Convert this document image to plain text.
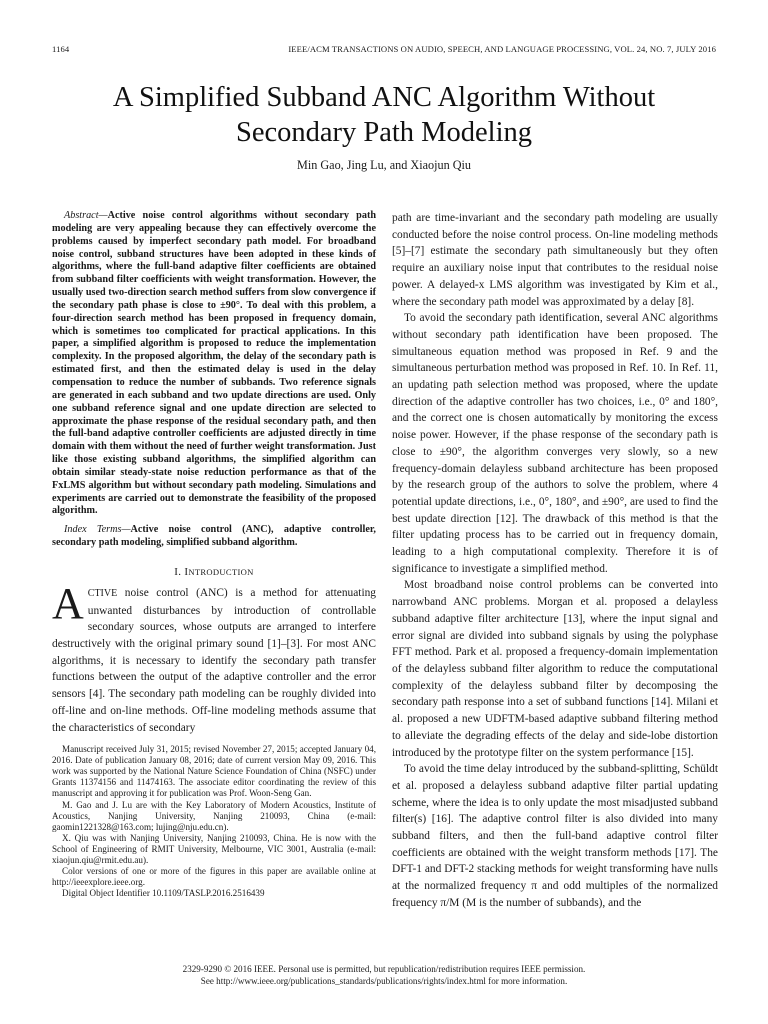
1164	IEEE/ACM TRANSACTIONS ON AUDIO, SPEECH, AND LANGUAGE PROCESSING, VOL. 24, NO. 7, JULY 2016
A Simplified Subband ANC Algorithm Without
Secondary Path Modeling
Min Gao, Jing Lu, and Xiaojun Qiu

Abstract—Active noise control algorithms without secondary path modeling are very appealing because they can effectively overcome the problems caused by imperfect secondary path model. For broadband noise control, subband structures have been adopted in these kinds of algorithms, where the full-band adaptive filter coefficients are obtained from subband filter coefficients with weight transformation. However, the usually used two-direction search method suffers from slow convergence if the secondary path phase is close to ±90°. To deal with this problem, a four-direction search method has been proposed in frequency domain, which is sometimes too complicated for practical applications. In this paper, a simplified algorithm is proposed to reduce the implementation complexity. In the proposed algorithm, the delay of the secondary path is estimated first, and then the estimated delay is used in the delay compensation to reduce the number of subbands. Two reference signals are generated in each subband and two update directions are used. Only one subband reference signal and one update direction are selected to approximate the phase response of the residual secondary path, and then the full-band adaptive controller coefficients are adjusted directly in time domain with them without the need of further weight transformation. Just like those existing subband algorithms, the simplified algorithm can obtain similar steady-state noise reduction performance as that of the FxLMS algorithm but without secondary path modeling. Simulations and experiments are carried out to demonstrate the feasibility of the proposed algorithm.

Index Terms—Active noise control (ANC), adaptive controller, secondary path modeling, simplified subband algorithm.

I. INTRODUCTION

ACTIVE noise control (ANC) is a method for attenuating unwanted disturbances by introduction of controllable secondary sources, whose outputs are arranged to interfere destructively with the original primary sound [1]–[3]. For most ANC algorithms, it is necessary to identify the secondary path transfer functions between the output of the adaptive controller and the error sensors [4]. The secondary path modeling can be roughly divided into off-line and on-line methods. Off-line modeling methods assume that the characteristics of secondary

Manuscript received July 31, 2015; revised November 27, 2015; accepted January 04, 2016. Date of publication January 08, 2016; date of current version May 09, 2016. This work was supported by the National Nature Science Foundation of China (NSFC) under Grants 11374156 and 11474163. The associate editor coordinating the review of this manuscript and approving it for publication was Prof. Woon-Seng Gan.

M. Gao and J. Lu are with the Key Laboratory of Modern Acoustics, Institute of Acoustics, Nanjing University, Nanjing 210093, China (e-mail: gaomin1221328@163.com; lujing@nju.edu.cn).

X. Qiu was with Nanjing University, Nanjing 210093, China. He is now with the School of Engineering of RMIT University, Melbourne, VIC 3001, Australia (e-mail: xiaojun.qiu@rmit.edu.au).

Color versions of one or more of the figures in this paper are available online at http://ieeexplore.ieee.org.

Digital Object Identifier 10.1109/TASLP.2016.2516439

path are time-invariant and the secondary path modeling are usually conducted before the noise control process. On-line modeling methods [5]–[7] estimate the secondary path simultaneously but they often require an auxiliary noise input that contributes to the residual noise power. A delayed-x LMS algorithm was investigated by Kim et al., where the secondary path model was approximated by a delay [8].

To avoid the secondary path identification, several ANC algorithms without secondary path identification have been proposed. The simultaneous equation method was proposed in Ref. 9 and the simultaneous perturbation method was proposed in Ref. 10. In Ref. 11, an updating path selection method was proposed, where the update direction of the adaptive controller has two choices, i.e., 0° and 180°, and the correct one is chosen automatically by monitoring the excess noise power. However, if the phase response of the secondary path is close to ±90°, the algorithm converges very slowly, so a new frequency-domain delayless subband architecture has been proposed by the research group of the authors to solve the problem, where 4 potential update directions, i.e., 0°, 180°, and ±90°, are used to find the best update direction [12]. The drawback of this method is that the filter updating process has to be carried out in frequency domain, leading to a high computational complexity. Therefore it is of significance to investigate a simplified method.

Most broadband noise control problems can be converted into narrowband ANC problems. Morgan et al. proposed a delayless subband adaptive filter architecture [13], where the input signal and error signal are divided into subband signals by using the polyphase FFT method. Park et al. proposed a frequency-domain implementation of the delayless subband filter algorithm to reduce the computational complexity of the delayless subband filter by decomposing the secondary path response into a set of subband functions [14]. Milani et al. proposed a new UDFTM-based adaptive subband filtering method to alleviate the degrading effects of the delay and side-lobe distortion introduced by the prototype filter on the system performance [15].

To avoid the time delay introduced by the subband-splitting, Schüldt et al. proposed a delayless subband adaptive filter partial updating scheme, where the idea is to only update the most misadjusted subband filter(s) [16]. The adaptive control filter is also divided into many subband filters, and then the full-band adaptive control filter coefficients are obtained with the weight transform methods [17]. The DFT-1 and DFT-2 stacking methods for weight transforming have nulls at the normalized frequency π and odd multiples of the normalized frequency π/M (M is the number of subbands), and the

2329-9290 © 2016 IEEE. Personal use is permitted, but republication/redistribution requires IEEE permission.
See http://www.ieee.org/publications_standards/publications/rights/index.html for more information.
